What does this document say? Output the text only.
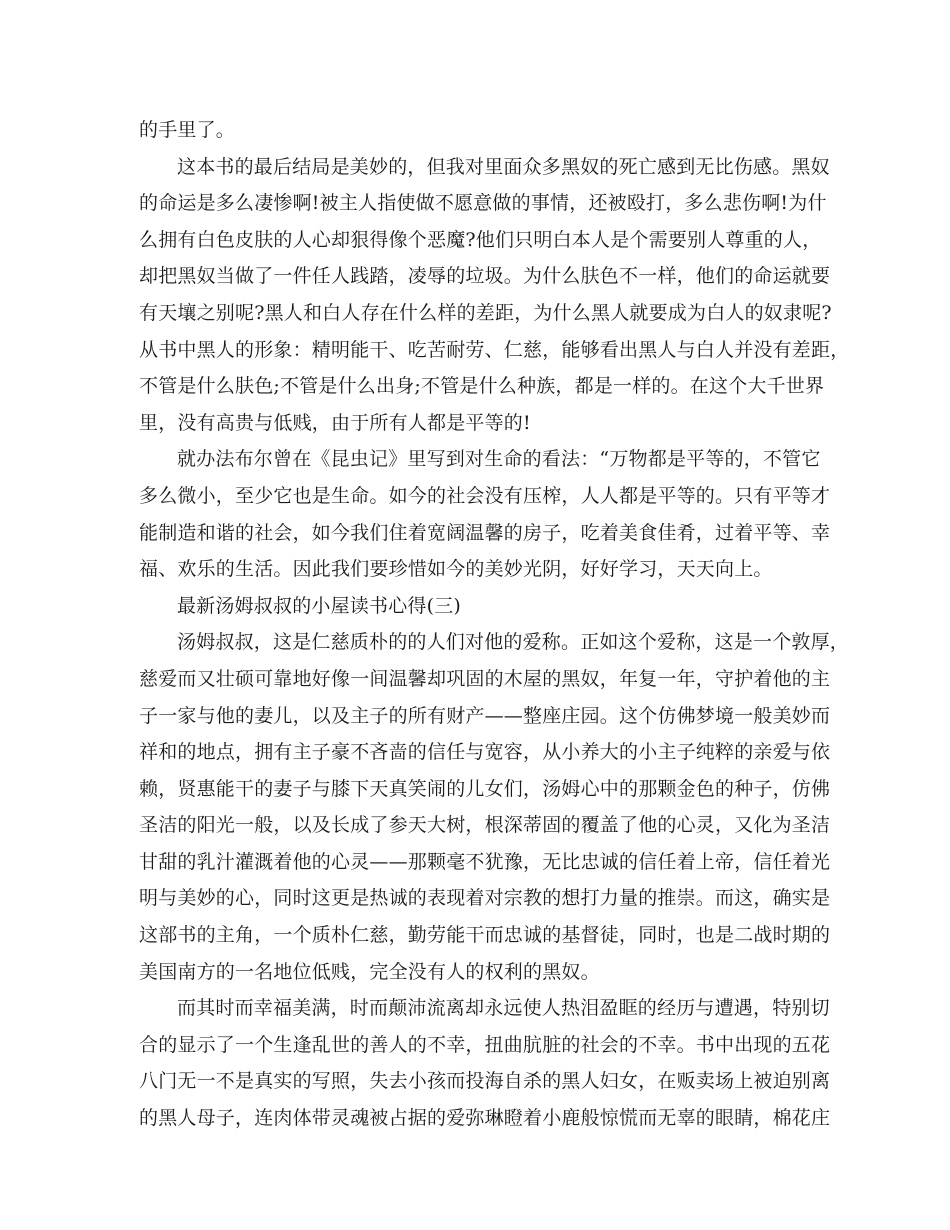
的手里了。
这本书的最后结局是美妙的，但我对里面众多黑奴的死亡感到无比伤感。黑奴
的命运是多么凄惨啊!被主人指使做不愿意做的事情，还被殴打，多么悲伤啊!为什
么拥有白色皮肤的人心却狠得像个恶魔?他们只明白本人是个需要别人尊重的人，
却把黑奴当做了一件任人践踏，凌辱的垃圾。为什么肤色不一样，他们的命运就要
有天壤之别呢?黑人和白人存在什么样的差距，为什么黑人就要成为白人的奴隶呢?
从书中黑人的形象：精明能干、吃苦耐劳、仁慈，能够看出黑人与白人并没有差距，
不管是什么肤色;不管是什么出身;不管是什么种族，都是一样的。在这个大千世界
里，没有高贵与低贱，由于所有人都是平等的!
就办法布尔曾在《昆虫记》里写到对生命的看法：“万物都是平等的，不管它
多么微小，至少它也是生命。如今的社会没有压榨，人人都是平等的。只有平等才
能制造和谐的社会，如今我们住着宽阔温馨的房子，吃着美食佳肴，过着平等、幸
福、欢乐的生活。因此我们要珍惜如今的美妙光阴，好好学习，天天向上。
最新汤姆叔叔的小屋读书心得(三)
汤姆叔叔，这是仁慈质朴的的人们对他的爱称。正如这个爱称，这是一个敦厚，
慈爱而又壮硕可靠地好像一间温馨却巩固的木屋的黑奴，年复一年，守护着他的主
子一家与他的妻儿，以及主子的所有财产——整座庄园。这个仿佛梦境一般美妙而
祥和的地点，拥有主子豪不吝啬的信任与宽容，从小养大的小主子纯粹的亲爱与依
赖，贤惠能干的妻子与膝下天真笑闹的儿女们，汤姆心中的那颗金色的种子，仿佛
圣洁的阳光一般，以及长成了参天大树，根深蒂固的覆盖了他的心灵，又化为圣洁
甘甜的乳汁灌溉着他的心灵——那颗毫不犹豫，无比忠诚的信任着上帝，信任着光
明与美妙的心，同时这更是热诚的表现着对宗教的想打力量的推崇。而这，确实是
这部书的主角，一个质朴仁慈，勤劳能干而忠诚的基督徒，同时，也是二战时期的
美国南方的一名地位低贱，完全没有人的权利的黑奴。
而其时而幸福美满，时而颠沛流离却永远使人热泪盈眶的经历与遭遇，特别切
合的显示了一个生逢乱世的善人的不幸，扭曲肮脏的社会的不幸。书中出现的五花
八门无一不是真实的写照，失去小孩而投海自杀的黑人妇女，在贩卖场上被迫别离
的黑人母子，连肉体带灵魂被占据的爱弥琳瞪着小鹿般惊慌而无辜的眼睛，棉花庄
